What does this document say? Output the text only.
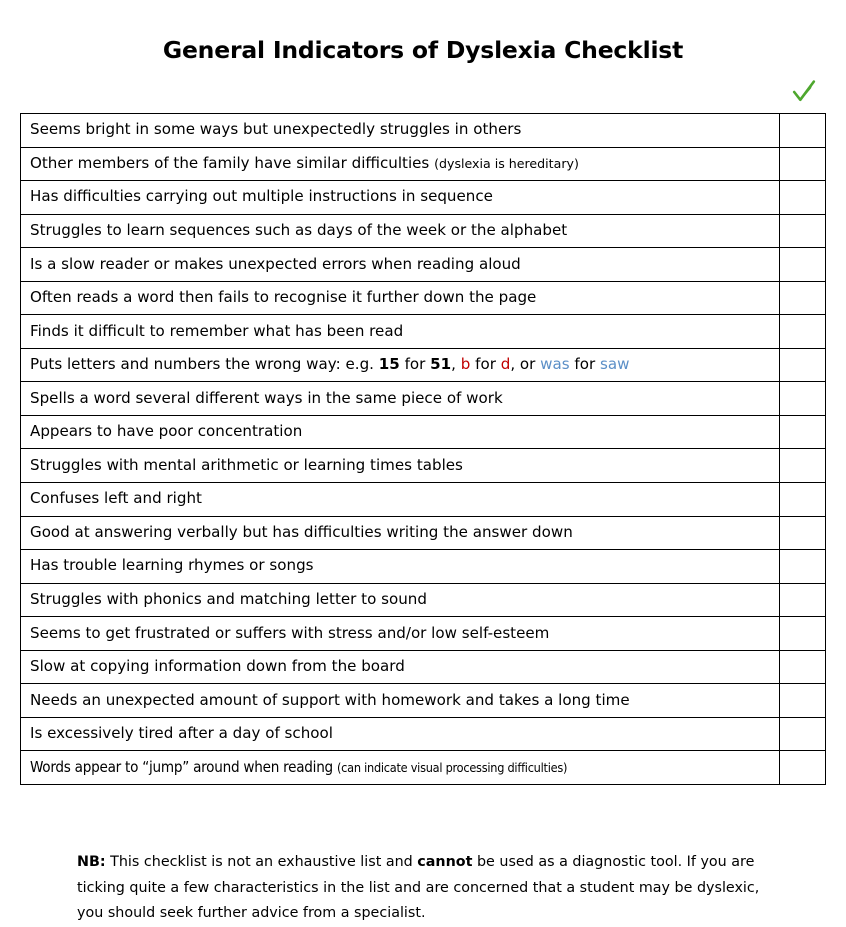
General Indicators of Dyslexia Checklist
Seems bright in some ways but unexpectedly struggles in others	
Other members of the family have similar difficulties (dyslexia is hereditary)	
Has difficulties carrying out multiple instructions in sequence	
Struggles to learn sequences such as days of the week or the alphabet	
Is a slow reader or makes unexpected errors when reading aloud	
Often reads a word then fails to recognise it further down the page	
Finds it difficult to remember what has been read	
Puts letters and numbers the wrong way: e.g. 15 for 51, b for d, or was for saw	
Spells a word several different ways in the same piece of work	
Appears to have poor concentration	
Struggles with mental arithmetic or learning times tables	
Confuses left and right	
Good at answering verbally but has difficulties writing the answer down	
Has trouble learning rhymes or songs	
Struggles with phonics and matching letter to sound	
Seems to get frustrated or suffers with stress and/or low self-esteem	
Slow at copying information down from the board	
Needs an unexpected amount of support with homework and takes a long time	
Is excessively tired after a day of school	
Words appear to “jump” around when reading (can indicate visual processing difficulties)	

NB: This checklist is not an exhaustive list and cannot be used as a diagnostic tool. If you are ticking quite a few characteristics in the list and are concerned that a student may be dyslexic, you should seek further advice from a specialist.
